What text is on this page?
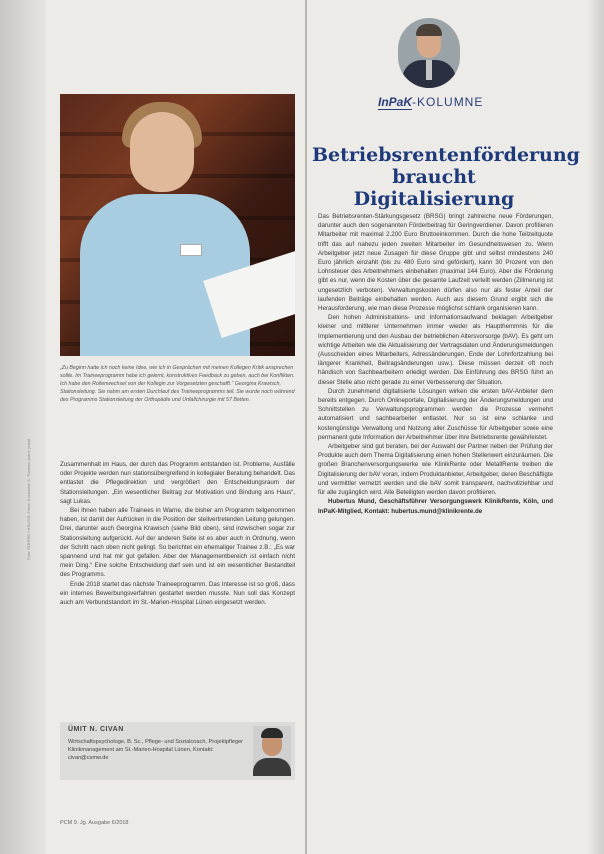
Foto: ROHRIG / HELIOS; Fotos: Kolumnist: A. Thomas; Autor: privat
„Zu Beginn hatte ich noch keine Idee, wie ich in Gesprächen mit meinen Kollegen Kritik ansprechen sollte. Im Traineeprogramm habe ich gelernt, konstruktives Feedback zu geben, auch bei Konflikten. Ich habe den Rollenwechsel von der Kollegin zur Vorgesetzten geschafft.“ Georgina Krawisch, Stationsleitung. Sie nahm am ersten Durchlauf des Traineeprogramms teil. Sie wurde noch während des Programms Stationsleitung der Orthopädie und Unfallchirurgie mit 57 Betten.

Zusammenhalt im Haus, der durch das Programm entstanden ist. Probleme, Ausfälle oder Projekte werden nun stationsübergreifend in kollegialer Beratung behandelt. Das entlastet die Pflegedirektion und vergrößert den Entscheidungsraum der Stationsleitungen. „Ein wesentlicher Beitrag zur Motivation und Bindung ans Haus“, sagt Lukas.

Bei Ihnen haben alle Trainees in Warne, die bisher am Programm teilgenommen haben, ist damit der Aufrücken in die Position der stellvertretenden Leitung gelungen. Drei, darunter auch Georgina Krawisch (siehe Bild oben), sind inzwischen sogar zur Stationsleitung aufgerückt. Auf der anderen Seite ist es aber auch in Ordnung, wenn der Schritt nach oben nicht gelingt. So berichtet ein ehemaliger Trainee z.B.: „Es war spannend und hat mir gut gefallen. Aber der Managementbereich ist einfach nicht mein Ding.“ Eine solche Entscheidung darf sein und ist ein wesentlicher Bestandteil des Programms.

Ende 2018 startet das nächste Traineeprogramm. Das Interesse ist so groß, dass ein internes Bewerbungsverfahren gestartet werden musste. Nun soll das Konzept auch am Verbundstandort im St.-Marien-Hospital Lünen eingesetzt werden.

ÜMIT N. CIVAN
Wirtschaftspsychologe, B. Sc., Pflege- und Sozialcoach, Projektpfleger Klinikmanagement am St.-Marien-Hospital Lünen, Kontakt: civan@csmw.de
PCM 9. Jg. Ausgabe 6/2018
InPaK-KOLUMNE
Betriebsrentenförderung braucht Digitalisierung

Das Betriebsrenten-Stärkungsgesetz (BRSG) bringt zahlreiche neue Förderungen, darunter auch den sogenannten Förderbeitrag für Geringverdiener. Davon profitieren Mitarbeiter mit maximal 2.200 Euro Bruttoeinkommen. Durch die hohe Teilzeitquote trifft das auf nahezu jeden zweiten Mitarbeiter im Gesundheitswesen zu. Wenn Arbeitgeber jetzt neue Zusagen für diese Gruppe gibt und selbst mindestens 240 Euro jährlich einzahlt (bis zu 480 Euro sind gefördert), kann 30 Prozent von den Lohnsteuer des Arbeitnehmers einbehalten (maximal 144 Euro). Aber die Förderung gibt es nur, wenn die Kosten über die gesamte Laufzeit verteilt werden (Zillmerung ist ungesetzlich verboten). Verwaltungskosten dürfen also nur als fester Anteil der laufenden Beiträge einbehalten werden. Auch aus diesem Grund ergibt sich die Herausforderung, wie man diese Prozesse möglichst schlank organisieren kann.

Den hohen Administrations- und Informationsaufwand beklagen Arbeitgeber kleiner und mittlerer Unternehmen immer wieder als Haupthemmnis für die Implementierung und den Ausbau der betrieblichen Altersvorsorge (bAV). Es geht um wichtige Arbeiten wie die Aktualisierung der Vertragsdaten und Änderungsmeldungen (Ausscheiden eines Mitarbeiters, Adressänderungen, Ende der Lohnfortzahlung bei längerer Krankheit, Beitragsänderungen usw.). Diese müssen derzeit oft noch händisch von Sachbearbeitern erledigt werden. Die Einführung des BRSG führt an dieser Stelle also nicht gerade zu einer Verbesserung der Situation.

Durch zunehmend digitalisierte Lösungen wirken die ersten bAV-Anbieter dem bereits entgegen. Durch Onlineportale, Digitalisierung der Änderungsmeldungen und Schnittstellen zu Verwaltungsprogrammen werden die Prozesse vermehrt automatisiert und sachbearbeiter entlastet. Nur so ist eine schlanke und kostengünstige Verwaltung und Nutzung aller Zuschüsse für Arbeitgeber sowie eine permanent gute Information der Arbeitnehmer über ihre Betriebsrente gewährleistet.

Arbeitgeber sind gut beraten, bei der Auswahl der Partner neben der Prüfung der Produkte auch dem Thema Digitalisierung einen hohen Stellenwert einzuräumen. Die großen Branchenversorgungswerke wie KlinikRente oder MetallRente treiben die Digitalisierung der bAV voran, indem Produktanbieter, Arbeitgeber, deren Beschäftigte und vermittler vernetzt werden und die bAV somit transparent, nachvollziehbar und für alle zugänglich wird. Alle Beteiligten werden davon profitieren.

Hubertus Mund, Geschäftsführer Versorgungswerk KlinikRente, Köln, und InPaK-Mitglied, Kontakt: hubertus.mund@klinikrente.de
